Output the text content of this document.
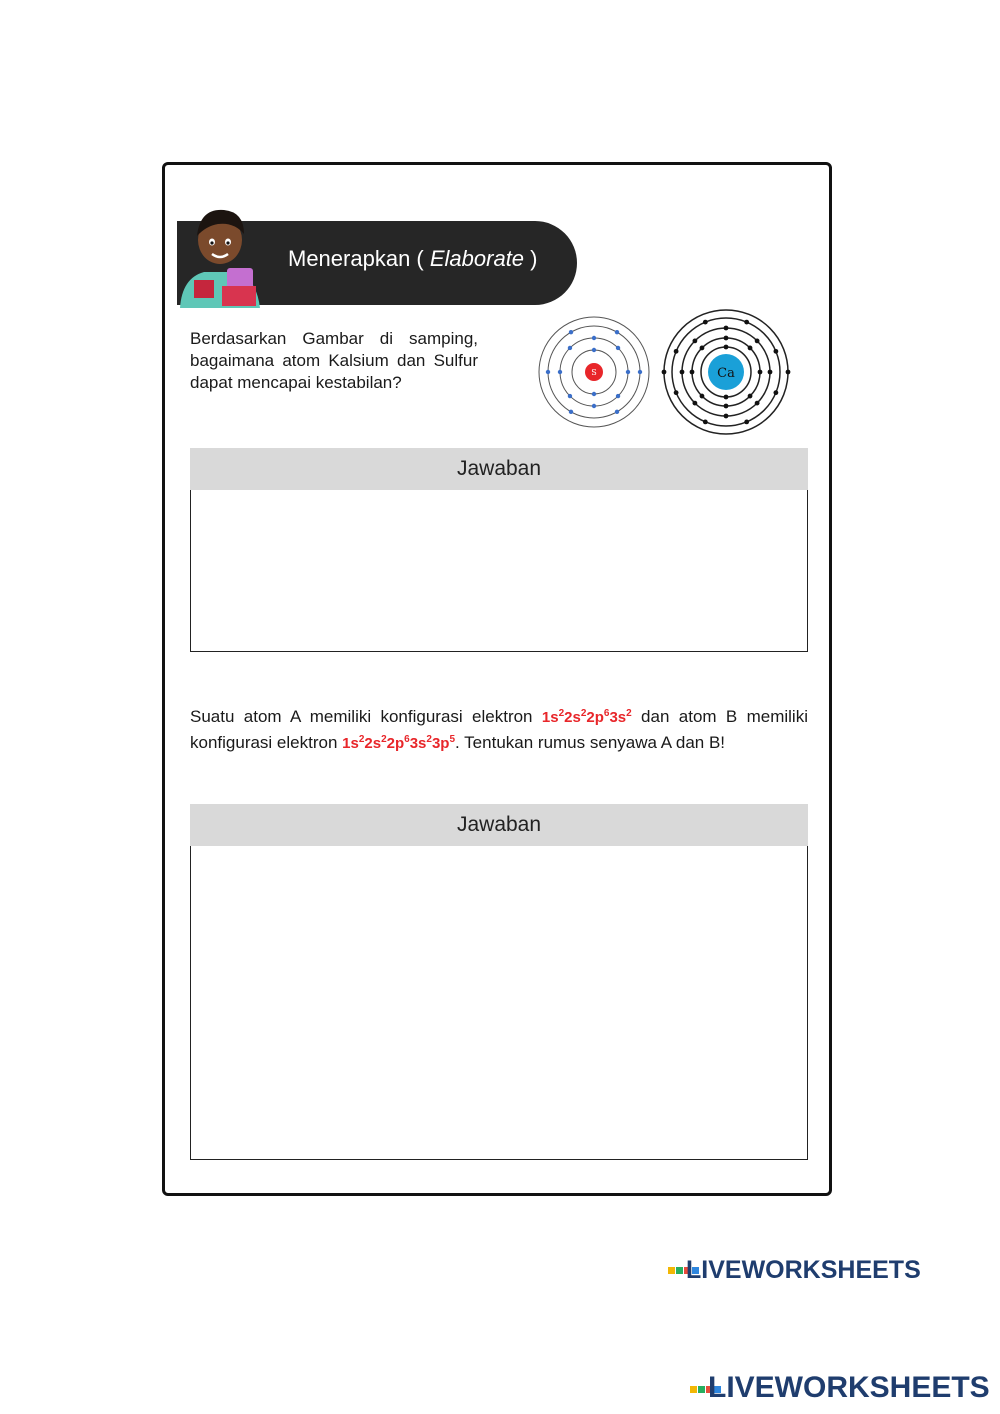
Menerapkan ( Elaborate )
Berdasarkan Gambar di samping, bagaimana atom Kalsium dan Sulfur dapat mencapai kestabilan?
S	Ca
Jawaban
Suatu atom A memiliki konfigurasi elektron $1s^22s^22p^63s^2$ dan atom B memiliki konfigurasi elektron $1s^22s^22p^63s^23p^5$. Tentukan rumus senyawa A dan B!
Jawaban
LIVEWORKSHEETS
LIVEWORKSHEETS
